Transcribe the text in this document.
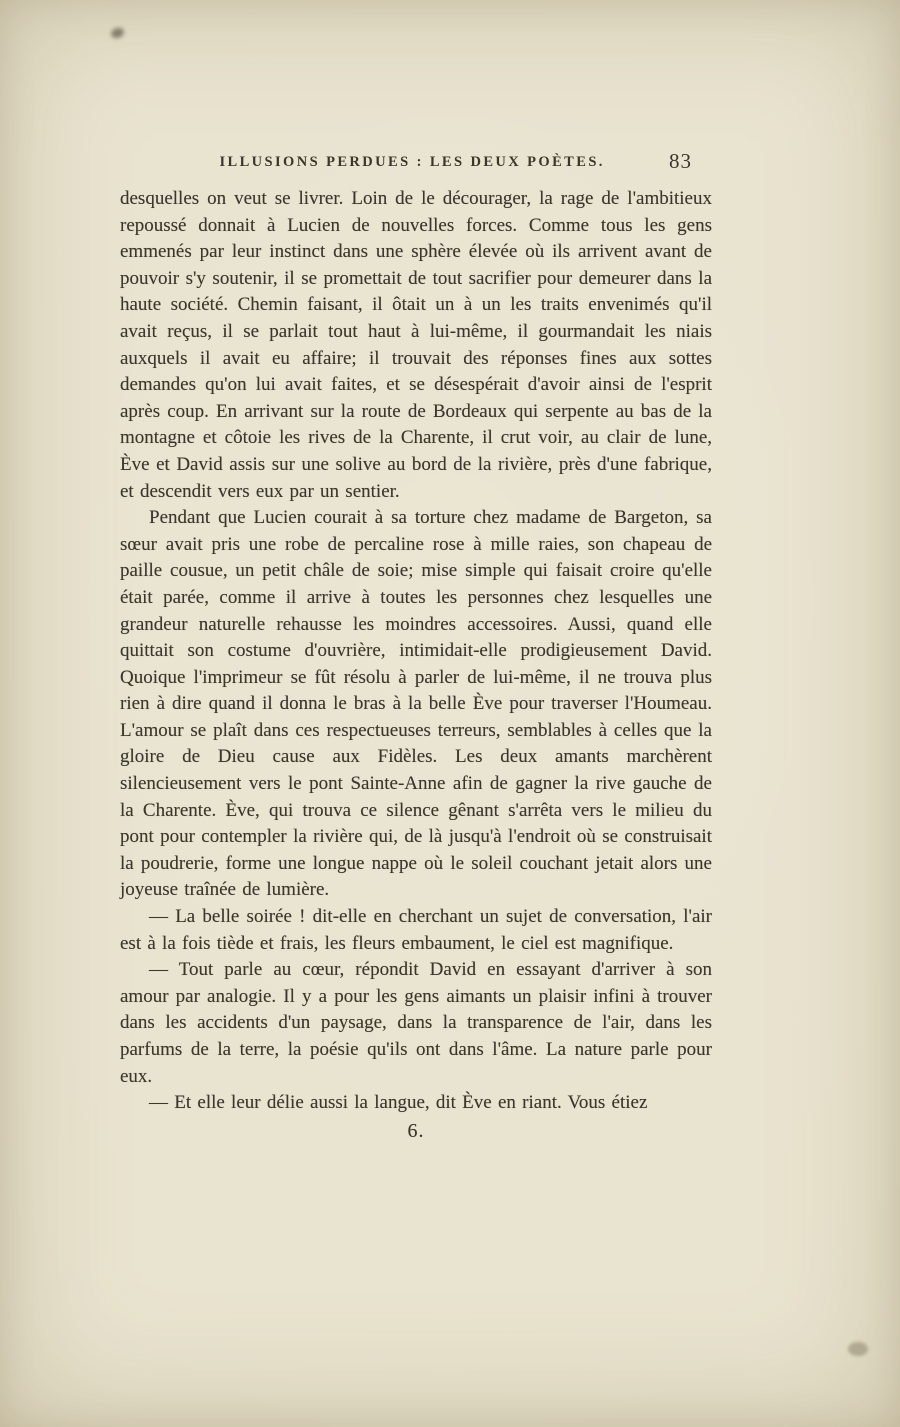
ILLUSIONS PERDUES : LES DEUX POÈTES.	83

desquelles on veut se livrer. Loin de le décourager, la rage de l'ambitieux repoussé donnait à Lucien de nouvelles forces. Comme tous les gens emmenés par leur instinct dans une sphère élevée où ils arrivent avant de pouvoir s'y soutenir, il se promettait de tout sacrifier pour demeurer dans la haute société. Chemin faisant, il ôtait un à un les traits envenimés qu'il avait reçus, il se parlait tout haut à lui-même, il gourmandait les niais auxquels il avait eu affaire; il trouvait des réponses fines aux sottes demandes qu'on lui avait faites, et se désespérait d'avoir ainsi de l'esprit après coup. En arrivant sur la route de Bordeaux qui serpente au bas de la montagne et côtoie les rives de la Charente, il crut voir, au clair de lune, Ève et David assis sur une solive au bord de la rivière, près d'une fabrique, et descendit vers eux par un sentier.

Pendant que Lucien courait à sa torture chez madame de Bargeton, sa sœur avait pris une robe de percaline rose à mille raies, son chapeau de paille cousue, un petit châle de soie; mise simple qui faisait croire qu'elle était parée, comme il arrive à toutes les personnes chez lesquelles une grandeur naturelle rehausse les moindres accessoires. Aussi, quand elle quittait son costume d'ouvrière, intimidait-elle prodigieusement David. Quoique l'imprimeur se fût résolu à parler de lui-même, il ne trouva plus rien à dire quand il donna le bras à la belle Ève pour traverser l'Houmeau. L'amour se plaît dans ces respectueuses terreurs, semblables à celles que la gloire de Dieu cause aux Fidèles. Les deux amants marchèrent silencieusement vers le pont Sainte-Anne afin de gagner la rive gauche de la Charente. Ève, qui trouva ce silence gênant s'arrêta vers le milieu du pont pour contempler la rivière qui, de là jusqu'à l'endroit où se construisait la poudrerie, forme une longue nappe où le soleil couchant jetait alors une joyeuse traînée de lumière.

— La belle soirée ! dit-elle en cherchant un sujet de conversation, l'air est à la fois tiède et frais, les fleurs embaument, le ciel est magnifique.

— Tout parle au cœur, répondit David en essayant d'arriver à son amour par analogie. Il y a pour les gens aimants un plaisir infini à trouver dans les accidents d'un paysage, dans la transparence de l'air, dans les parfums de la terre, la poésie qu'ils ont dans l'âme. La nature parle pour eux.

— Et elle leur délie aussi la langue, dit Ève en riant. Vous étiez

6.
